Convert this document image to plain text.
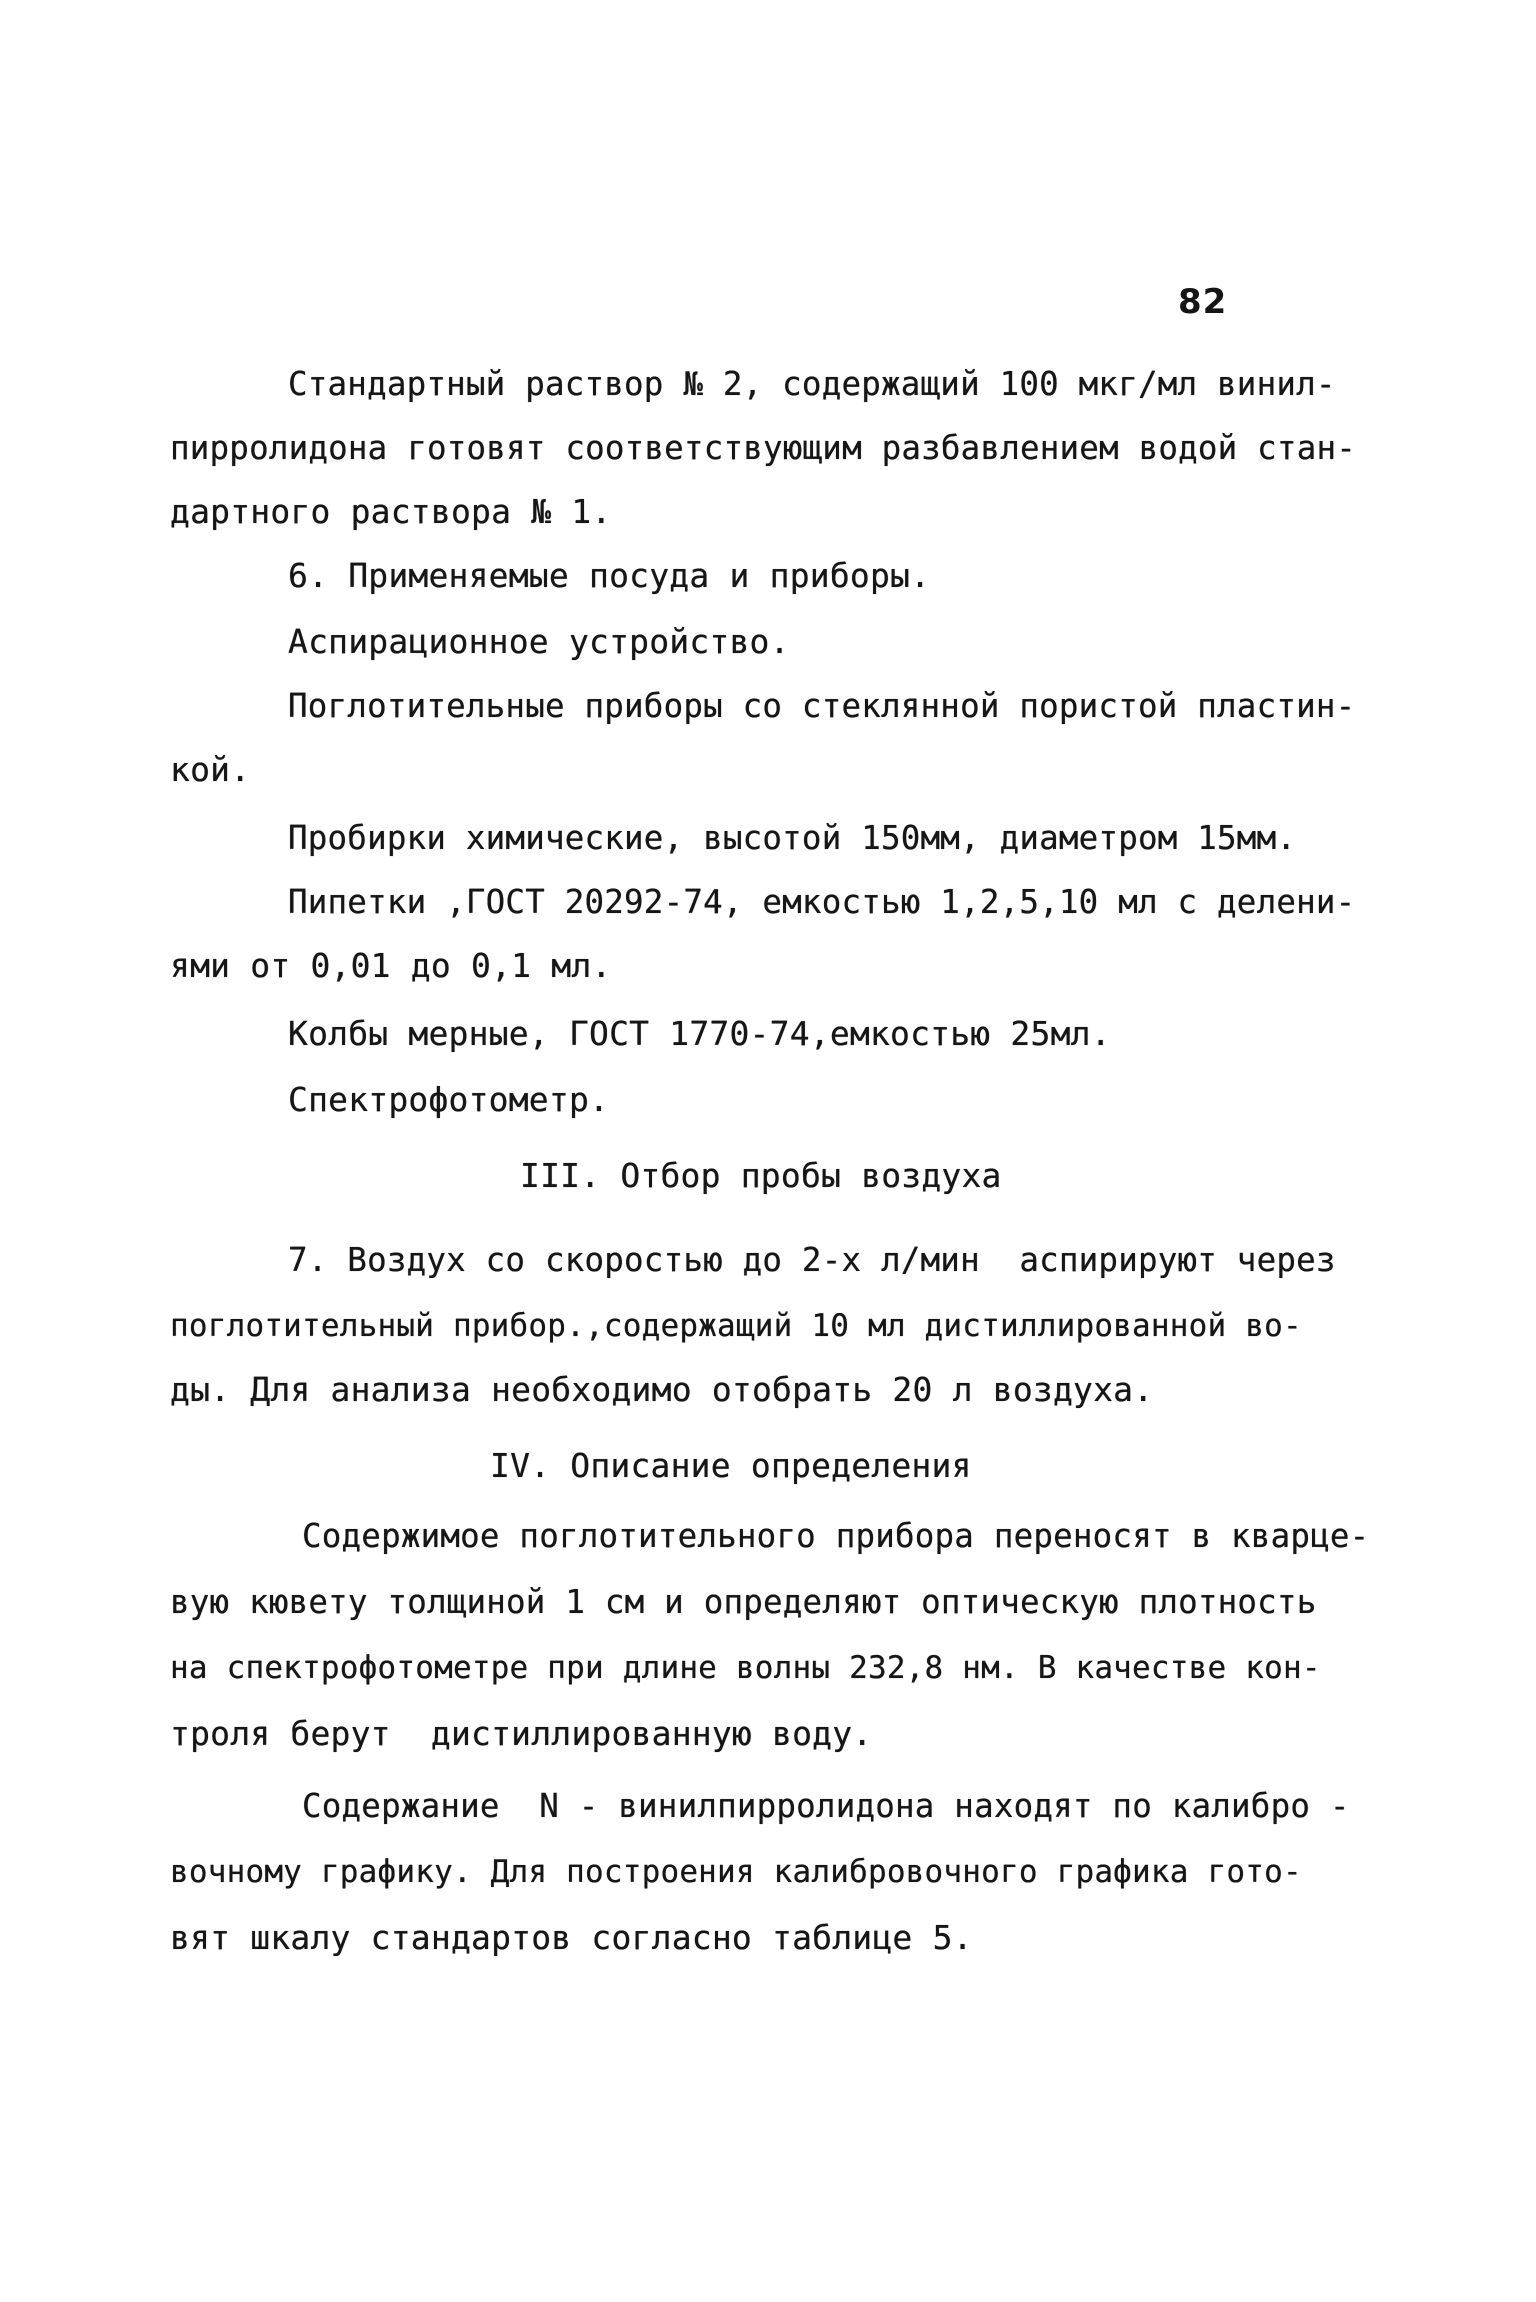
82
Стандартный раствор № 2, содержащий 100 мкг/мл винил-
пирролидона готовят соответствующим разбавлением водой стан-
дартного раствора № 1.
6. Применяемые посуда и приборы.
Аспирационное устройство.
Поглотительные приборы со стеклянной пористой пластин-
кой.
Пробирки химические, высотой 150мм, диаметром 15мм.
Пипетки ,ГОСТ 20292-74, емкостью 1,2,5,10 мл с делени-
ями от 0,01 до 0,1 мл.
Колбы мерные, ГОСТ 1770-74,емкостью 25мл.
Спектрофотометр.
III. Отбор пробы воздуха
7. Воздух со скоростью до 2-х л/мин  аспирируют через
поглотительный прибор.,содержащий 10 мл дистиллированной во-
ды. Для анализа необходимо отобрать 20 л воздуха.
IV. Описание определения
Содержимое поглотительного прибора переносят в кварце-
вую кювету толщиной 1 см и определяют оптическую плотность
на спектрофотометре при длине волны 232,8 нм. В качестве кон-
троля берут  дистиллированную воду.
Содержание  N - винилпирролидона находят по калибро -
вочному графику. Для построения калибровочного графика гото-
вят шкалу стандартов согласно таблице 5.
